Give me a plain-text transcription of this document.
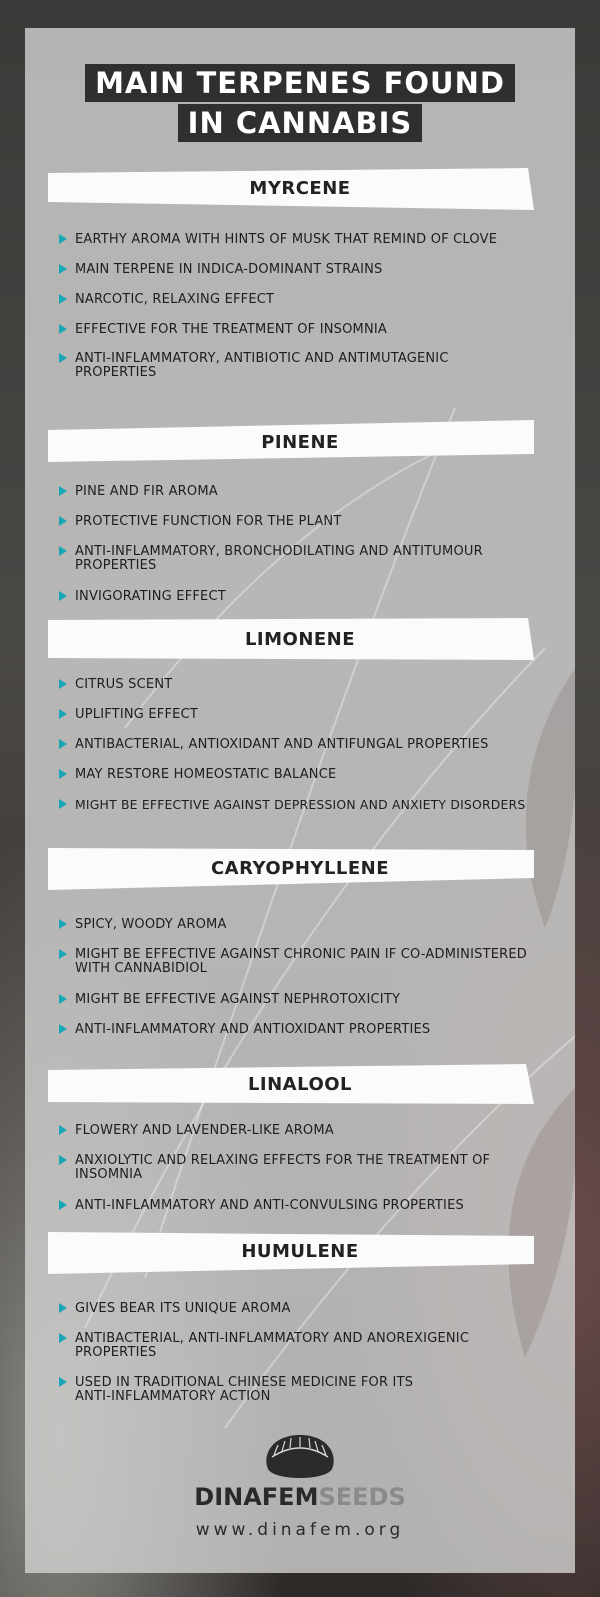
MAIN TERPENES FOUND
IN CANNABIS
MYRCENE
EARTHY AROMA WITH HINTS OF MUSK THAT REMIND OF CLOVE
MAIN TERPENE IN INDICA-DOMINANT STRAINS
NARCOTIC, RELAXING EFFECT
EFFECTIVE FOR THE TREATMENT OF INSOMNIA
ANTI-INFLAMMATORY, ANTIBIOTIC AND ANTIMUTAGENIC PROPERTIES
PINENE
PINE AND FIR AROMA
PROTECTIVE FUNCTION FOR THE PLANT
ANTI-INFLAMMATORY, BRONCHODILATING AND ANTITUMOUR PROPERTIES
INVIGORATING EFFECT
LIMONENE
CITRUS SCENT
UPLIFTING EFFECT
ANTIBACTERIAL, ANTIOXIDANT AND ANTIFUNGAL PROPERTIES
MAY RESTORE HOMEOSTATIC BALANCE
MIGHT BE EFFECTIVE AGAINST DEPRESSION AND ANXIETY DISORDERS
CARYOPHYLLENE
SPICY, WOODY AROMA
MIGHT BE EFFECTIVE AGAINST CHRONIC PAIN IF CO-ADMINISTERED WITH CANNABIDIOL
MIGHT BE EFFECTIVE AGAINST NEPHROTOXICITY
ANTI-INFLAMMATORY AND ANTIOXIDANT PROPERTIES
LINALOOL
FLOWERY AND LAVENDER-LIKE AROMA
ANXIOLYTIC AND RELAXING EFFECTS FOR THE TREATMENT OF INSOMNIA
ANTI-INFLAMMATORY AND ANTI-CONVULSING PROPERTIES
HUMULENE
GIVES BEAR ITS UNIQUE AROMA
ANTIBACTERIAL, ANTI-INFLAMMATORY AND ANOREXIGENIC PROPERTIES
USED IN TRADITIONAL CHINESE MEDICINE FOR ITS ANTI-INFLAMMATORY ACTION
DINAFEMSEEDS
www.dinafem.org
